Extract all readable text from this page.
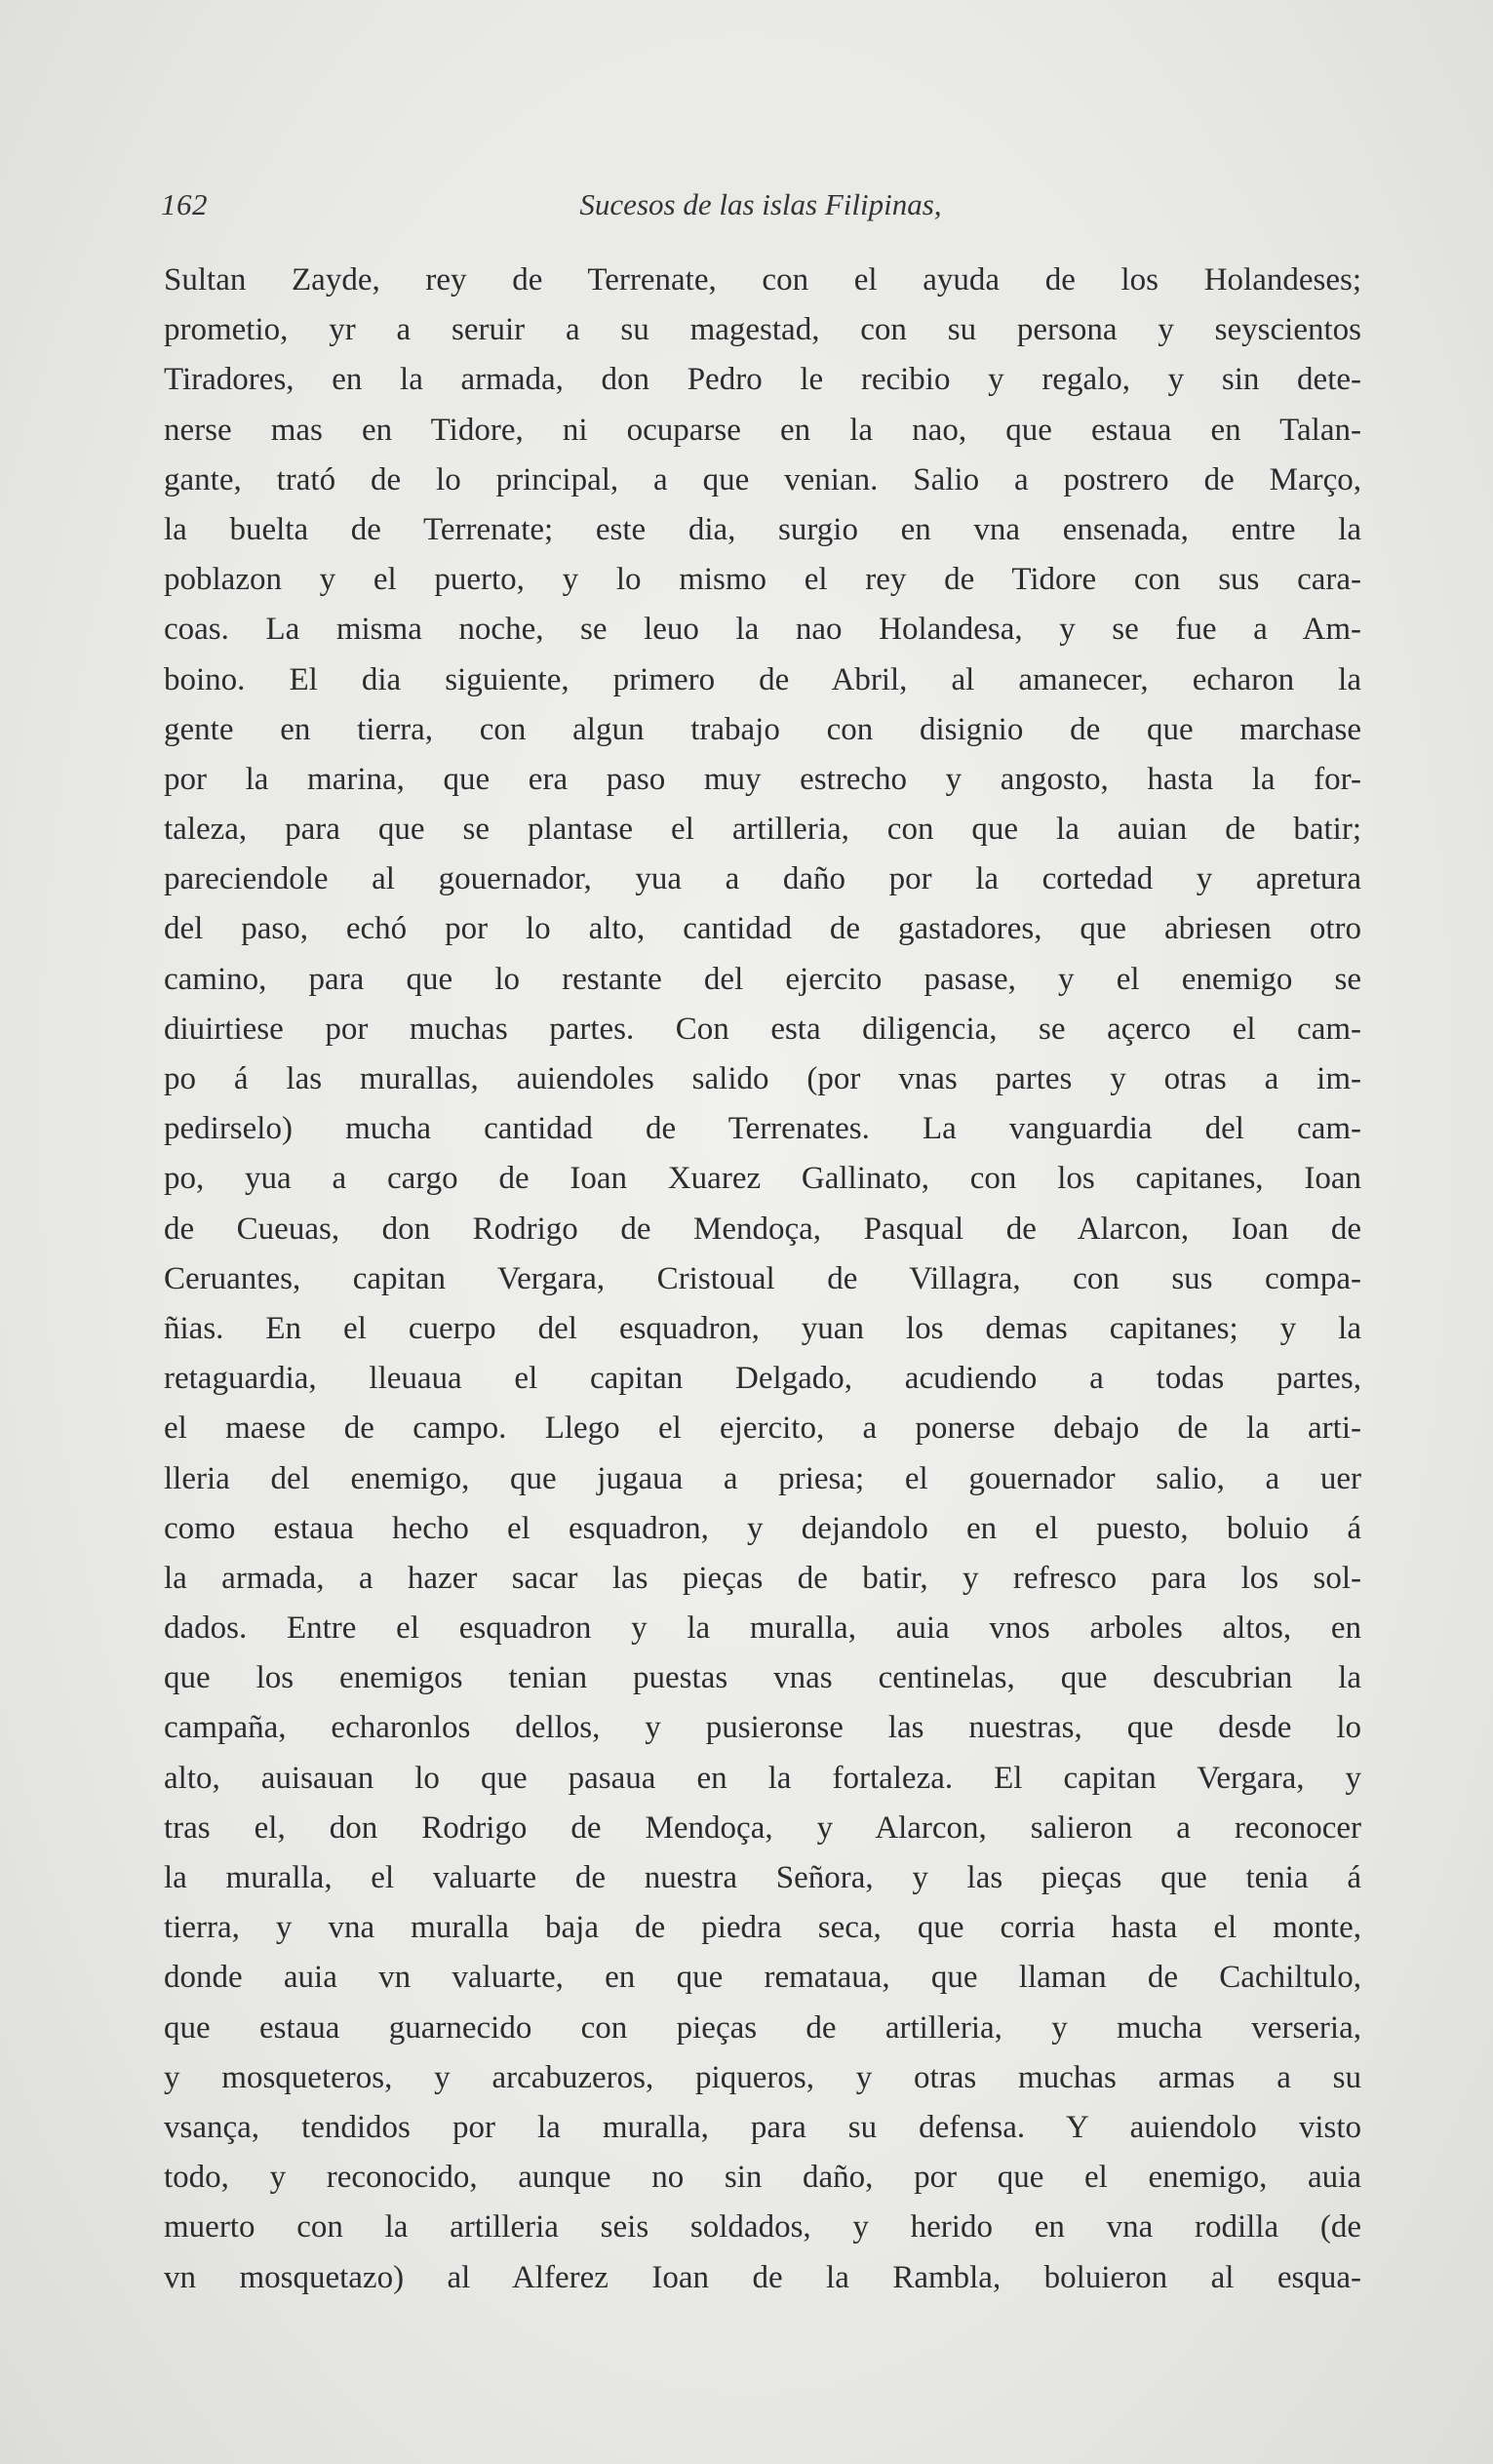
162	Sucesos de las islas Filipinas,
Sultan Zayde, rey de Terrenate, con el ayuda de los Holandeses;
prometio, yr a seruir a su magestad, con su persona y seyscientos
Tiradores, en la armada, don Pedro le recibio y regalo, y sin dete-
nerse mas en Tidore, ni ocuparse en la nao, que estaua en Talan-
gante, trató de lo principal, a que venian. Salio a postrero de Março,
la buelta de Terrenate; este dia, surgio en vna ensenada, entre la
poblazon y el puerto, y lo mismo el rey de Tidore con sus cara-
coas. La misma noche, se leuo la nao Holandesa, y se fue a Am-
boino. El dia siguiente, primero de Abril, al amanecer, echaron la
gente en tierra, con algun trabajo con disignio de que marchase
por la marina, que era paso muy estrecho y angosto, hasta la for-
taleza, para que se plantase el artilleria, con que la auian de batir;
pareciendole al gouernador, yua a daño por la cortedad y apretura
del paso, echó por lo alto, cantidad de gastadores, que abriesen otro
camino, para que lo restante del ejercito pasase, y el enemigo se
diuirtiese por muchas partes. Con esta diligencia, se açerco el cam-
po á las murallas, auiendoles salido (por vnas partes y otras a im-
pedirselo) mucha cantidad de Terrenates. La vanguardia del cam-
po, yua a cargo de Ioan Xuarez Gallinato, con los capitanes, Ioan
de Cueuas, don Rodrigo de Mendoça, Pasqual de Alarcon, Ioan de
Ceruantes, capitan Vergara, Cristoual de Villagra, con sus compa-
ñias. En el cuerpo del esquadron, yuan los demas capitanes; y la
retaguardia, lleuaua el capitan Delgado, acudiendo a todas partes,
el maese de campo. Llego el ejercito, a ponerse debajo de la arti-
lleria del enemigo, que jugaua a priesa; el gouernador salio, a uer
como estaua hecho el esquadron, y dejandolo en el puesto, boluio á
la armada, a hazer sacar las pieças de batir, y refresco para los sol-
dados. Entre el esquadron y la muralla, auia vnos arboles altos, en
que los enemigos tenian puestas vnas centinelas, que descubrian la
campaña, echaronlos dellos, y pusieronse las nuestras, que desde lo
alto, auisauan lo que pasaua en la fortaleza. El capitan Vergara, y
tras el, don Rodrigo de Mendoça, y Alarcon, salieron a reconocer
la muralla, el valuarte de nuestra Señora, y las pieças que tenia á
tierra, y vna muralla baja de piedra seca, que corria hasta el monte,
donde auia vn valuarte, en que remataua, que llaman de Cachiltulo,
que estaua guarnecido con pieças de artilleria, y mucha verseria,
y mosqueteros, y arcabuzeros, piqueros, y otras muchas armas a su
vsança, tendidos por la muralla, para su defensa. Y auiendolo visto
todo, y reconocido, aunque no sin daño, por que el enemigo, auia
muerto con la artilleria seis soldados, y herido en vna rodilla (de
vn mosquetazo) al Alferez Ioan de la Rambla, boluieron al esqua-
